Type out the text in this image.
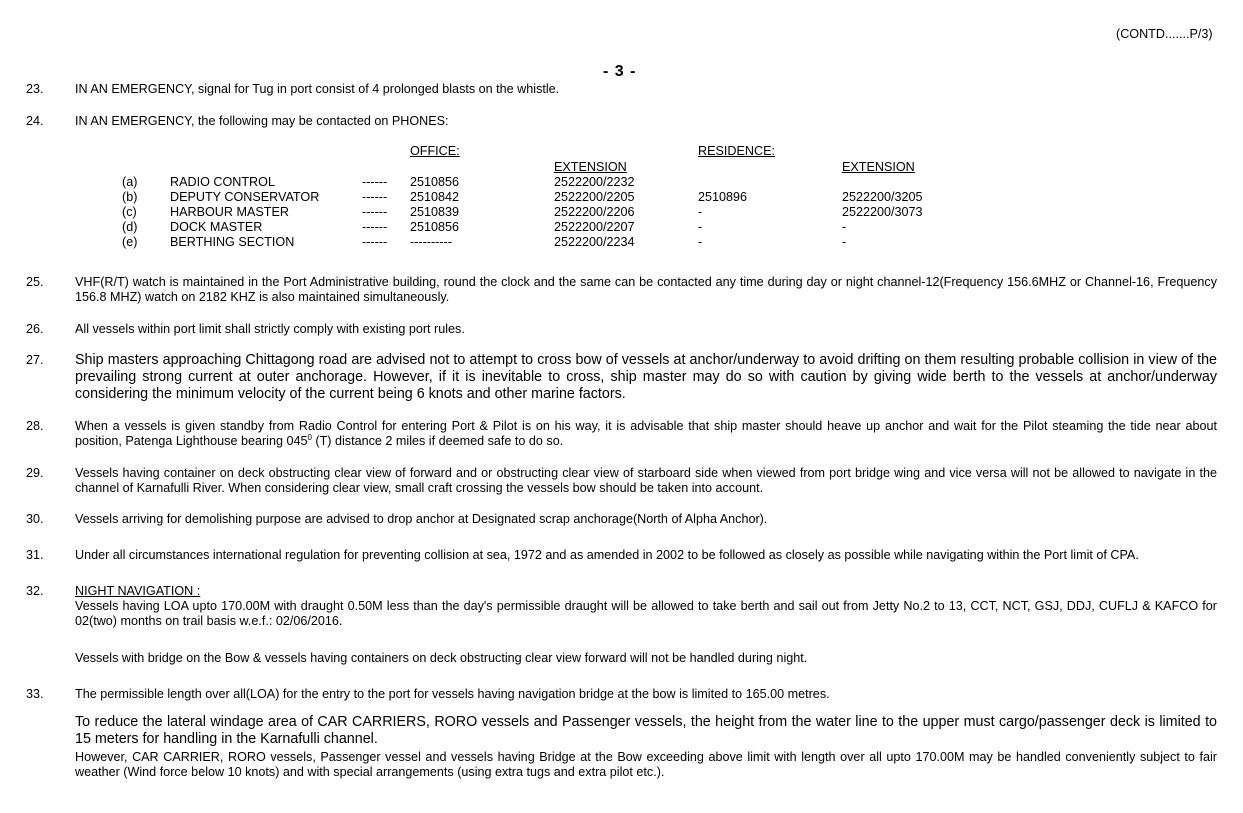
(CONTD.......P/3)
- 3 -
23. IN AN EMERGENCY, signal for Tug in port consist of 4 prolonged blasts on the whistle.
24. IN AN EMERGENCY, the following may be contacted on PHONES:
OFFICE:	RESIDENCE:
EXTENSION	EXTENSION
(a)	RADIO CONTROL	------ 2510856	2522200/2232
(b)	DEPUTY CONSERVATOR	------ 2510842	2522200/2205	2510896	2522200/3205
(c)	HARBOUR MASTER	------ 2510839	2522200/2206	-	2522200/3073
(d)	DOCK MASTER	------ 2510856	2522200/2207	-	-
(e)	BERTHING SECTION	------ ----------	2522200/2234	-	-
25. VHF(R/T) watch is maintained in the Port Administrative building, round the clock and the same can be contacted any time during day or night channel-12(Frequency 156.6MHZ or Channel-16, Frequency 156.8 MHZ) watch on 2182 KHZ is also maintained simultaneously.
26. All vessels within port limit shall strictly comply with existing port rules.
27. Ship masters approaching Chittagong road are advised not to attempt to cross bow of vessels at anchor/underway to avoid drifting on them resulting probable collision in view of the prevailing strong current at outer anchorage. However, if it is inevitable to cross, ship master may do so with caution by giving wide berth to the vessels at anchor/underway considering the minimum velocity of the current being 6 knots and other marine factors.
28. When a vessels is given standby from Radio Control for entering Port & Pilot is on his way, it is advisable that ship master should heave up anchor and wait for the Pilot steaming the tide near about position, Patenga Lighthouse bearing $045^0$ (T) distance 2 miles if deemed safe to do so.
29. Vessels having container on deck obstructing clear view of forward and or obstructing clear view of starboard side when viewed from port bridge wing and vice versa will not be allowed to navigate in the channel of Karnafulli River. When considering clear view, small craft crossing the vessels bow should be taken into account.
30. Vessels arriving for demolishing purpose are advised to drop anchor at Designated scrap anchorage(North of Alpha Anchor).
31. Under all circumstances international regulation for preventing collision at sea, 1972 and as amended in 2002 to be followed as closely as possible while navigating within the Port limit of CPA.
32. NIGHT NAVIGATION :
Vessels having LOA upto 170.00M with draught 0.50M less than the day's permissible draught will be allowed to take berth and sail out from Jetty No.2 to 13, CCT, NCT, GSJ, DDJ, CUFLJ & KAFCO for 02(two) months on trail basis w.e.f.: 02/06/2016.
Vessels with bridge on the Bow & vessels having containers on deck obstructing clear view forward will not be handled during night.
33. The permissible length over all(LOA) for the entry to the port for vessels having navigation bridge at the bow is limited to 165.00 metres.
To reduce the lateral windage area of CAR CARRIERS, RORO vessels and Passenger vessels, the height from the water line to the upper must cargo/passenger deck is limited to 15 meters for handling in the Karnafulli channel.
However, CAR CARRIER, RORO vessels, Passenger vessel and vessels having Bridge at the Bow exceeding above limit with length over all upto 170.00M may be handled conveniently subject to fair weather (Wind force below 10 knots) and with special arrangements (using extra tugs and extra pilot etc.).
